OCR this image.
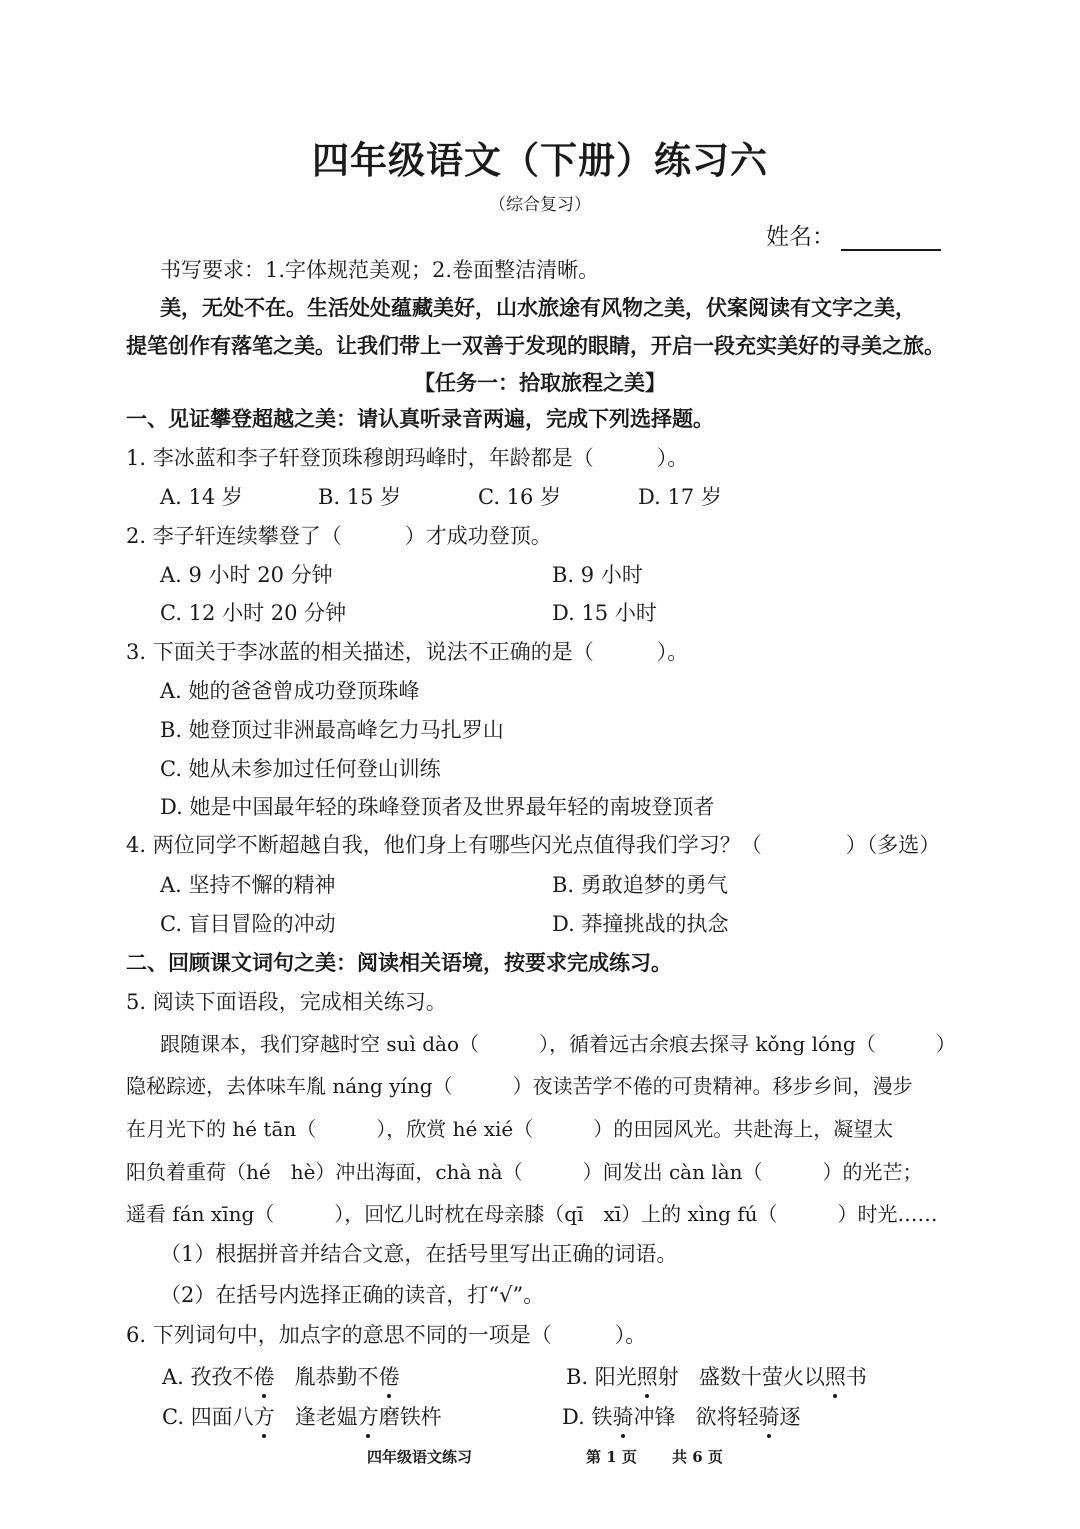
四年级语文（下册）练习六
（综合复习）
姓名：
书写要求：1.字体规范美观；2.卷面整洁清晰。
美，无处不在。生活处处蕴藏美好，山水旅途有风物之美，伏案阅读有文字之美，
提笔创作有落笔之美。让我们带上一双善于发现的眼睛，开启一段充实美好的寻美之旅。
【任务一：拾取旅程之美】
一、见证攀登超越之美：请认真听录音两遍，完成下列选择题。
1. 李冰蓝和李子轩登顶珠穆朗玛峰时，年龄都是（　　　）。
A. 14 岁	B. 15 岁	C. 16 岁	D. 17 岁
2. 李子轩连续攀登了（　　　）才成功登顶。
A. 9 小时 20 分钟	B. 9 小时
C. 12 小时 20 分钟	D. 15 小时
3. 下面关于李冰蓝的相关描述，说法不正确的是（　　　）。
A. 她的爸爸曾成功登顶珠峰
B. 她登顶过非洲最高峰乞力马扎罗山
C. 她从未参加过任何登山训练
D. 她是中国最年轻的珠峰登顶者及世界最年轻的南坡登顶者
4. 两位同学不断超越自我，他们身上有哪些闪光点值得我们学习？（　　　　）（多选）
A. 坚持不懈的精神	B. 勇敢追梦的勇气
C. 盲目冒险的冲动	D. 莽撞挑战的执念
二、回顾课文词句之美：阅读相关语境，按要求完成练习。
5. 阅读下面语段，完成相关练习。
跟随课本，我们穿越时空 suì dào（　　　），循着远古余痕去探寻 kǒng lóng（　　　）
隐秘踪迹，去体味车胤 náng yíng（　　　）夜读苦学不倦的可贵精神。移步乡间，漫步
在月光下的 hé tān（　　　），欣赏 hé xié（　　　）的田园风光。共赴海上，凝望太
阳负着重荷（hé　hè）冲出海面，chà nà（　　　）间发出 càn làn（　　　）的光芒；
遥看 fán xīng（　　　），回忆儿时枕在母亲膝（qī　xī）上的 xìng fú（　　　）时光……
（1）根据拼音并结合文意，在括号里写出正确的词语。
（2）在括号内选择正确的读音，打“√”。
6. 下列词句中，加点字的意思不同的一项是（　　　）。
A. 孜孜不倦 胤恭勤不倦	B. 阳光照射 盛数十萤火以照书
C. 四面八方 逢老媪方磨铁杵	D. 铁骑冲锋 欲将轻骑逐
四年级语文练习	第 1 页 共 6 页
